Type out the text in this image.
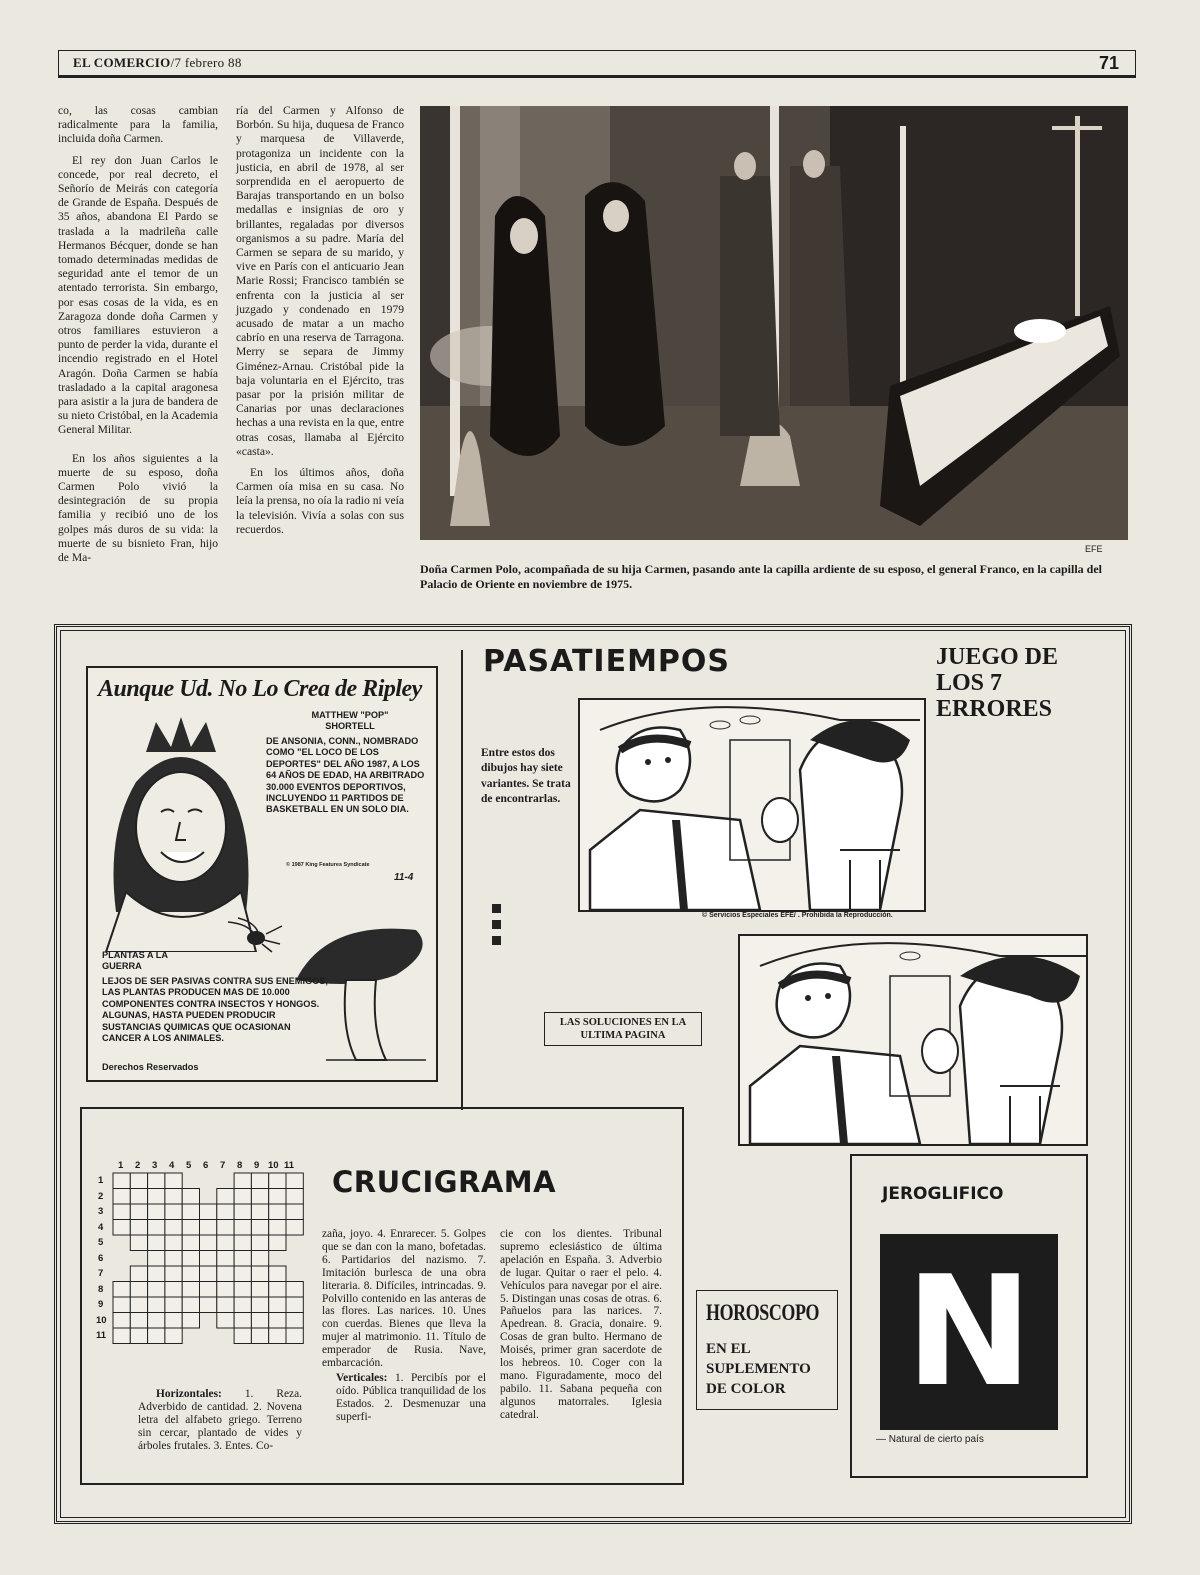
EL COMERCIO/7 febrero 88	71

co, las cosas cambian radicalmente para la familia, incluida doña Carmen.

El rey don Juan Carlos le concede, por real decreto, el Señorío de Meirás con categoría de Grande de España. Después de 35 años, abandona El Pardo se traslada a la madrileña calle Hermanos Bécquer, donde se han tomado determinadas medidas de seguridad ante el temor de un atentado terrorista. Sin embargo, por esas cosas de la vida, es en Zaragoza donde doña Carmen y otros familiares estuvieron a punto de perder la vida, durante el incendio registrado en el Hotel Aragón. Doña Carmen se había trasladado a la capital aragonesa para asistir a la jura de bandera de su nieto Cristóbal, en la Academia General Militar.

En los años siguientes a la muerte de su esposo, doña Carmen Polo vivió la desintegración de su propia familia y recibió uno de los golpes más duros de su vida: la muerte de su bisnieto Fran, hijo de Ma-

ría del Carmen y Alfonso de Borbón. Su hija, duquesa de Franco y marquesa de Villaverde, protagoniza un incidente con la justicia, en abril de 1978, al ser sorprendida en el aeropuerto de Barajas transportando en un bolso medallas e insignias de oro y brillantes, regaladas por diversos organismos a su padre. María del Carmen se separa de su marido, y vive en París con el anticuario Jean Marie Rossi; Francisco también se enfrenta con la justicia al ser juzgado y condenado en 1979 acusado de matar a un macho cabrío en una reserva de Tarragona. Merry se separa de Jimmy Giménez-Arnau. Cristóbal pide la baja voluntaria en el Ejército, tras pasar por la prisión militar de Canarias por unas declaraciones hechas a una revista en la que, entre otras cosas, llamaba al Ejército «casta».

En los últimos años, doña Carmen oía misa en su casa. No leía la prensa, no oía la radio ni veía la televisión. Vivía a solas con sus recuerdos.

EFE
Doña Carmen Polo, acompañada de su hija Carmen, pasando ante la capilla ardiente de su esposo, el general Franco, en la capilla del Palacio de Oriente en noviembre de 1975.
Aunque Ud. No Lo Crea de Ripley
MATTHEW "POP" SHORTELL
DE ANSONIA, CONN., NOMBRADO COMO "EL LOCO DE LOS DEPORTES" DEL AÑO 1987, A LOS 64 AÑOS DE EDAD, HA ARBITRADO 30.000 EVENTOS DEPORTIVOS, INCLUYENDO 11 PARTIDOS DE BASKETBALL EN UN SOLO DIA.
© 1987 King Features Syndicate
11-4
PLANTAS A LA GUERRA
LEJOS DE SER PASIVAS CONTRA SUS ENEMIGOS, LAS PLANTAS PRODUCEN MAS DE 10.000 COMPONENTES CONTRA INSECTOS Y HONGOS. ALGUNAS, HASTA PUEDEN PRODUCIR SUSTANCIAS QUIMICAS QUE OCASIONAN CANCER A LOS ANIMALES.
Derechos Reservados
PASATIEMPOS	JUEGO DE LOS 7 ERRORES
Entre estos dos dibujos hay siete variantes. Se trata de encontrarlas.
© Servicios Especiales EFE/ . Prohibida la Reproducción.
LAS SOLUCIONES EN LA ULTIMA PAGINA
CRUCIGRAMA
1 2 3 4 5 6 7 8 9 10 11
1
2
3
4
5
6
7
8
9
10
11
Horizontales: 1. Reza. Adverbido de cantidad. 2. Novena letra del alfabeto griego. Terreno sin cercar, plantado de vides y árboles frutales. 3. Entes. Co-
zaña, joyo. 4. Enrarecer. 5. Golpes que se dan con la mano, bofetadas. 6. Partidarios del nazismo. 7. Imitación burlesca de una obra literaria. 8. Difíciles, intrincadas. 9. Polvillo contenido en las anteras de las flores. Las narices. 10. Unes con cuerdas. Bienes que lleva la mujer al matrimonio. 11. Título de emperador de Rusia. Nave, embarcación.
Verticales: 1. Percibís por el oído. Pública tranquilidad de los Estados. 2. Desmenuzar una superfi-
cie con los dientes. Tribunal supremo eclesiástico de última apelación en España. 3. Adverbio de lugar. Quitar o raer el pelo. 4. Vehículos para navegar por el aire. 5. Distingan unas cosas de otras. 6. Pañuelos para las narices. 7. Apedrean. 8. Gracia, donaire. 9. Cosas de gran bulto. Hermano de Moisés, primer gran sacerdote de los hebreos. 10. Coger con la mano. Figuradamente, moco del pabilo. 11. Sabana pequeña con algunos matorrales. Iglesia catedral.
HOROSCOPO
EN EL SUPLEMENTO DE COLOR
JEROGLIFICO
N
— Natural de cierto país
